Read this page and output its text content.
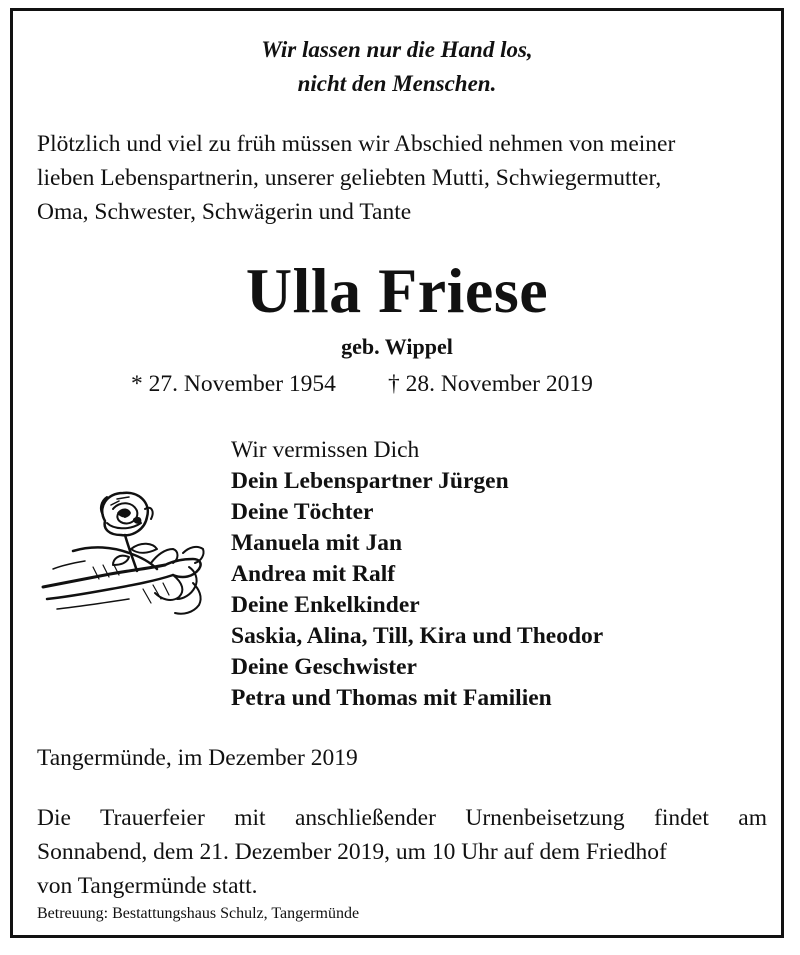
Wir lassen nur die Hand los,
nicht den Menschen.
Plötzlich und viel zu früh müssen wir Abschied nehmen von meiner
lieben Lebenspartnerin, unserer geliebten Mutti, Schwiegermutter,
Oma, Schwester, Schwägerin und Tante
Ulla Friese
geb. Wippel
* 27. November 1954 † 28. November 2019
Wir vermissen Dich
Dein Lebenspartner Jürgen
Deine Töchter
Manuela mit Jan
Andrea mit Ralf
Deine Enkelkinder
Saskia, Alina, Till, Kira und Theodor
Deine Geschwister
Petra und Thomas mit Familien
Tangermünde, im Dezember 2019
Die Trauerfeier mit anschließender Urnenbeisetzung findet am
Sonnabend, dem 21. Dezember 2019, um 10 Uhr auf dem Friedhof
von Tangermünde statt.
Betreuung: Bestattungshaus Schulz, Tangermünde
